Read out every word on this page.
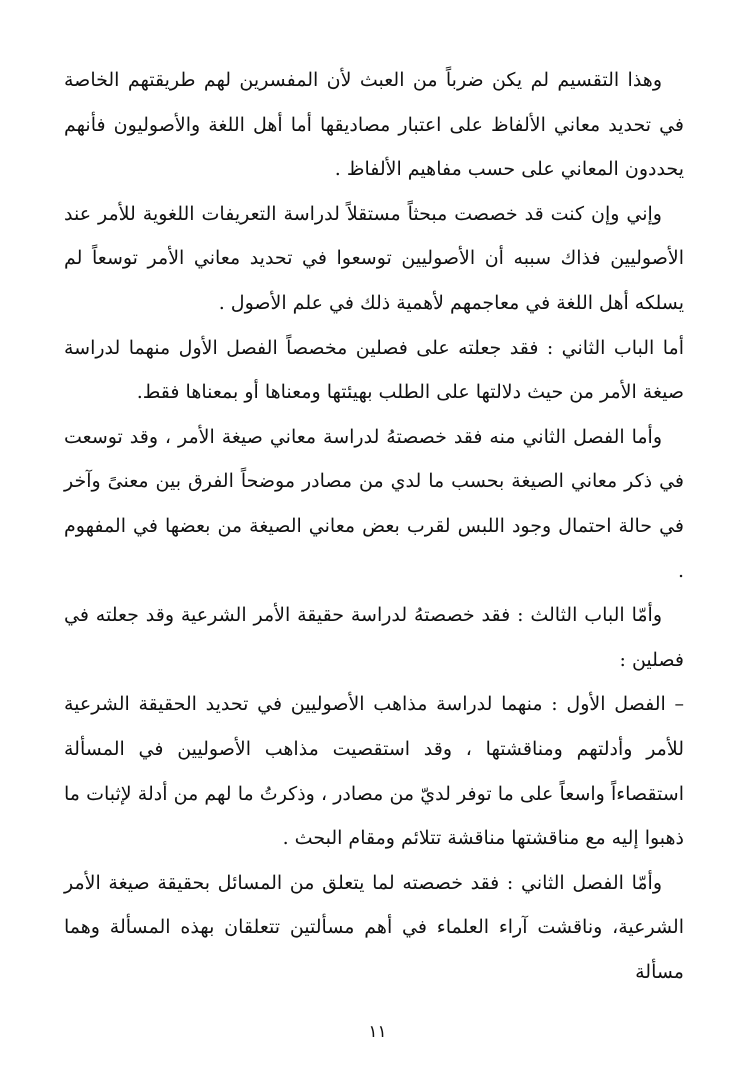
وهذا التقسيم لم يكن ضرباً من العبث لأن المفسرين لهم طريقتهم الخاصة في تحديد معاني الألفاظ على اعتبار مصاديقها أما أهل اللغة والأصوليون فأنهم يحددون المعاني على حسب مفاهيم الألفاظ .

وإني وإن كنت قد خصصت مبحثاً مستقلاً لدراسة التعريفات اللغوية للأمر عند الأصوليين فذاك سببه أن الأصوليين توسعوا في تحديد معاني الأمر توسعاً لم يسلكه أهل اللغة في معاجمهم لأهمية ذلك في علم الأصول .

أما الباب الثاني : فقد جعلته على فصلين مخصصاً الفصل الأول منهما لدراسة صيغة الأمر من حيث دلالتها على الطلب بهيئتها ومعناها أو بمعناها فقط.

وأما الفصل الثاني منه فقد خصصتهُ لدراسة معاني صيغة الأمر ، وقد توسعت في ذكر معاني الصيغة بحسب ما لدي من مصادر موضحاً الفرق بين معنىً وآخر في حالة احتمال وجود اللبس لقرب بعض معاني الصيغة من بعضها في المفهوم .

وأمّا الباب الثالث : فقد خصصتهُ لدراسة حقيقة الأمر الشرعية وقد جعلته في فصلين :

– الفصل الأول : منهما لدراسة مذاهب الأصوليين في تحديد الحقيقة الشرعية للأمر وأدلتهم ومناقشتها ، وقد استقصيت مذاهب الأصوليين في المسألة استقصاءاً واسعاً على ما توفر لديّ من مصادر ، وذكرتُ ما لهم من أدلة لإثبات ما ذهبوا إليه مع مناقشتها مناقشة تتلائم ومقام البحث .

وأمّا الفصل الثاني : فقد خصصته لما يتعلق من المسائل بحقيقة صيغة الأمر الشرعية، وناقشت آراء العلماء في أهم مسألتين تتعلقان بهذه المسألة وهما مسألة

١١
